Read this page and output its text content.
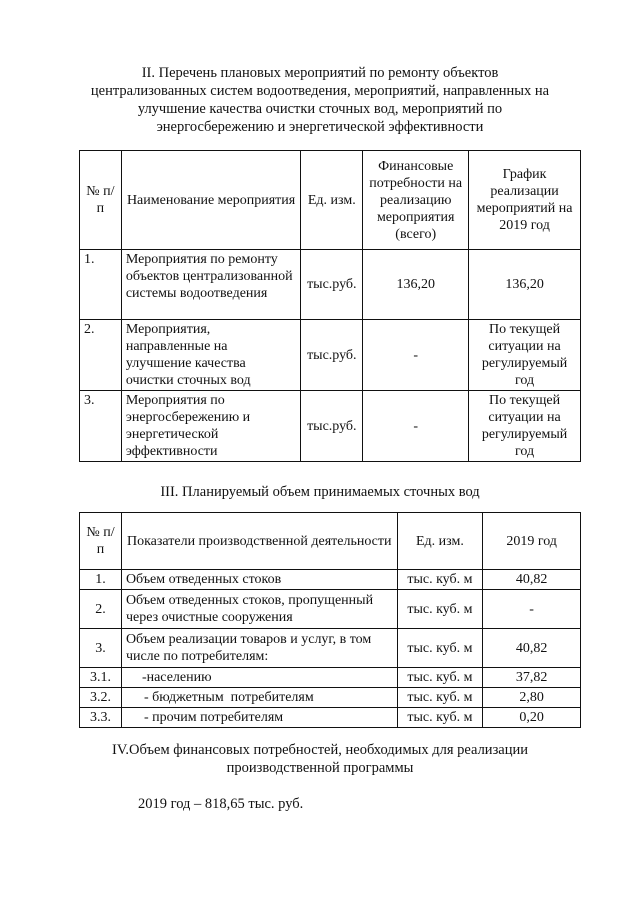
II. Перечень плановых мероприятий по ремонту объектов
централизованных систем водоотведения, мероприятий, направленных на
улучшение качества очистки сточных вод, мероприятий по
энергосбережению и энергетической эффективности
№ п/п	Наименование мероприятия	Ед. изм.	Финансовые потребности на реализацию мероприятия (всего)	График реализации мероприятий на 2019 год
1.	Мероприятия по ремонту объектов централизованной системы водоотведения	тыс.руб.	136,20	136,20
2.	Мероприятия, направленные на улучшение качества очистки сточных вод	тыс.руб.	-	По текущей ситуации на регулируемый год
3.	Мероприятия по энергосбережению и энергетической эффективности	тыс.руб.	-	По текущей ситуации на регулируемый год
III. Планируемый объем принимаемых сточных вод
№ п/п	Показатели производственной деятельности	Ед. изм.	2019 год
1.	Объем отведенных стоков	тыс. куб. м	40,82
2.	Объем отведенных стоков, пропущенный через очистные сооружения	тыс. куб. м	-
3.	Объем реализации товаров и услуг, в том числе по потребителям:	тыс. куб. м	40,82
3.1.	-населению	тыс. куб. м	37,82
3.2.	- бюджетным  потребителям	тыс. куб. м	2,80
3.3.	- прочим потребителям	тыс. куб. м	0,20
IV.Объем финансовых потребностей, необходимых для реализации
производственной программы
2019 год – 818,65 тыс. руб.
